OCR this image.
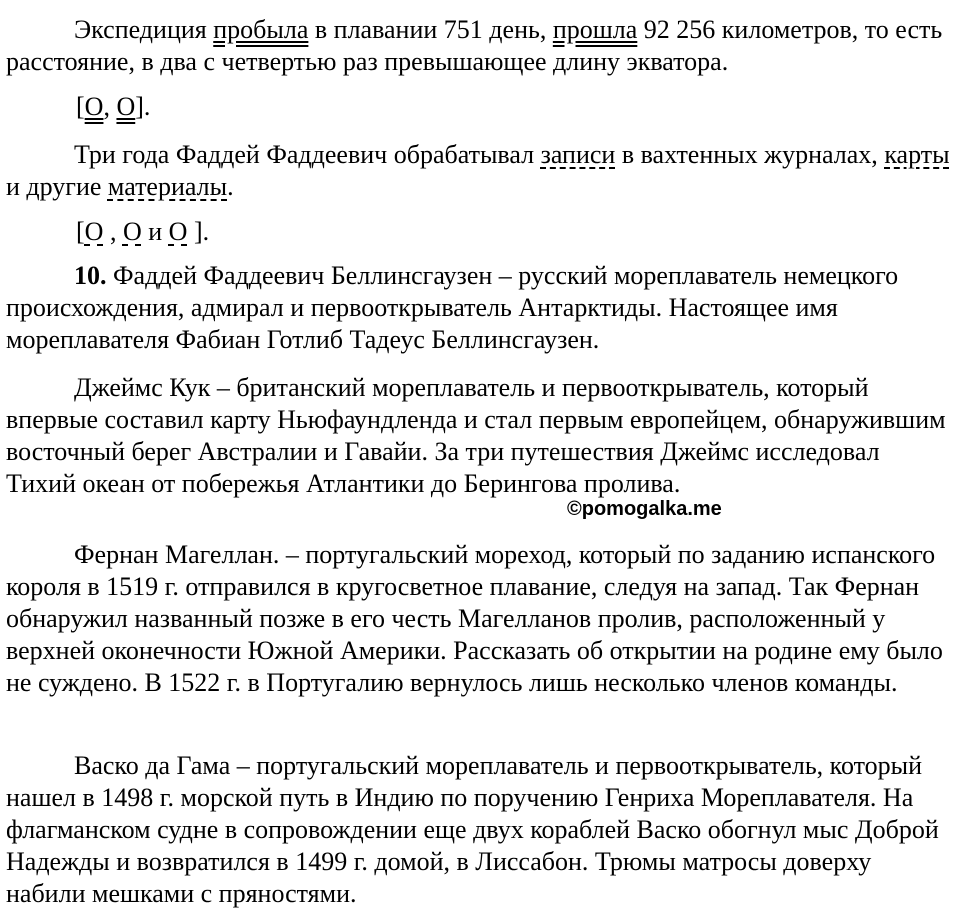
Экспедиция пробыла в плавании 751 день, прошла 92 256 километров, то есть расстояние, в два с четвертью раз превышающее длину экватора.

[О, О].

Три года Фаддей Фаддеевич обрабатывал записи в вахтенных журналах, карты и другие материалы.

[О , О и О ].

10. Фаддей Фаддеевич Беллинсгаузен – русский мореплаватель немецкого происхождения, адмирал и первооткрыватель Антарктиды. Настоящее имя мореплавателя Фабиан Готлиб Тадеус Беллинсгаузен.

Джеймс Кук – британский мореплаватель и первооткрыватель, который впервые составил карту Ньюфаундленда и стал первым европейцем, обнаружившим восточный берег Австралии и Гавайи. За три путешествия Джеймс исследовал Тихий океан от побережья Атлантики до Берингова пролива.

©pomogalka.me

Фернан Магеллан. – португальский мореход, который по заданию испанского короля в 1519 г. отправился в кругосветное плавание, следуя на запад. Так Фернан обнаружил названный позже в его честь Магелланов пролив, расположенный у верхней оконечности Южной Америки. Рассказать об открытии на родине ему было не суждено. В 1522 г. в Португалию вернулось лишь несколько членов команды.

Васко да Гама – португальский мореплаватель и первооткрыватель, который нашел в 1498 г. морской путь в Индию по поручению Генриха Мореплавателя. На флагманском судне в сопровождении еще двух кораблей Васко обогнул мыс Доброй Надежды и возвратился в 1499 г. домой, в Лиссабон. Трюмы матросы доверху набили мешками с пряностями.
